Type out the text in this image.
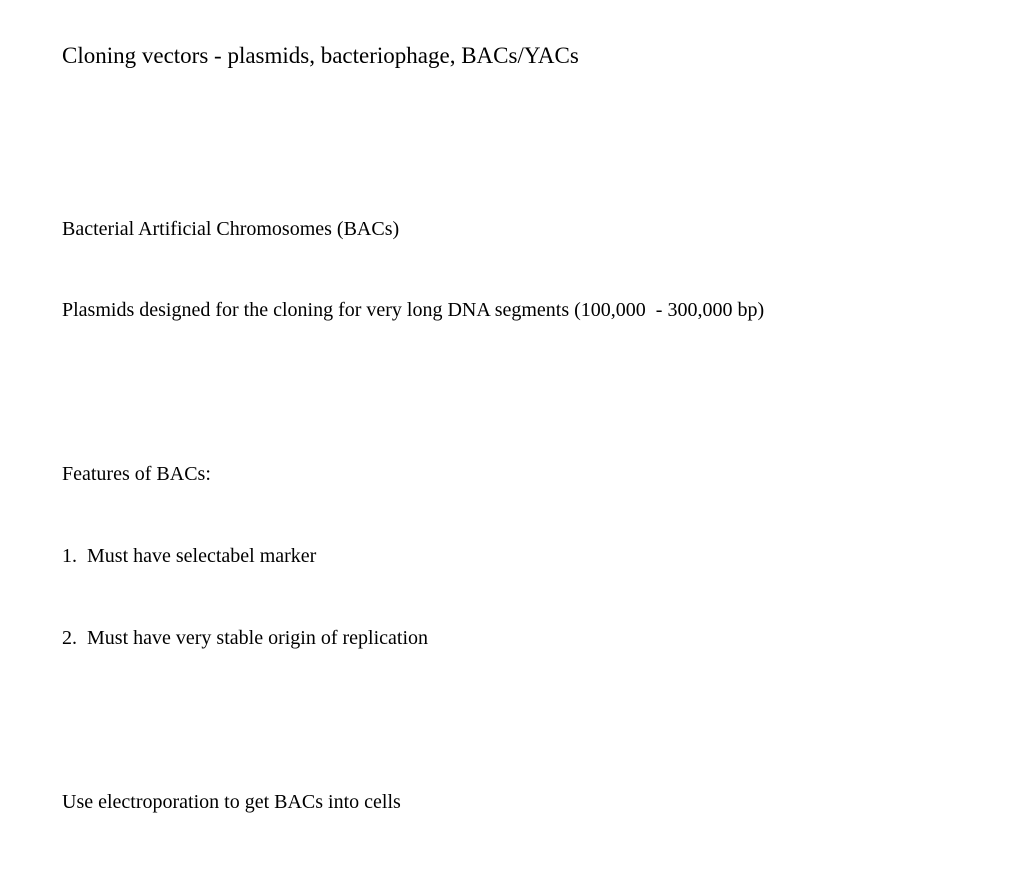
Cloning vectors - plasmids, bacteriophage, BACs/YACs

Bacterial Artificial Chromosomes (BACs)

Plasmids designed for the cloning for very long DNA segments (100,000  - 300,000 bp)

Features of BACs:

1.  Must have selectabel marker

2.  Must have very stable origin of replication

Use electroporation to get BACs into cells
